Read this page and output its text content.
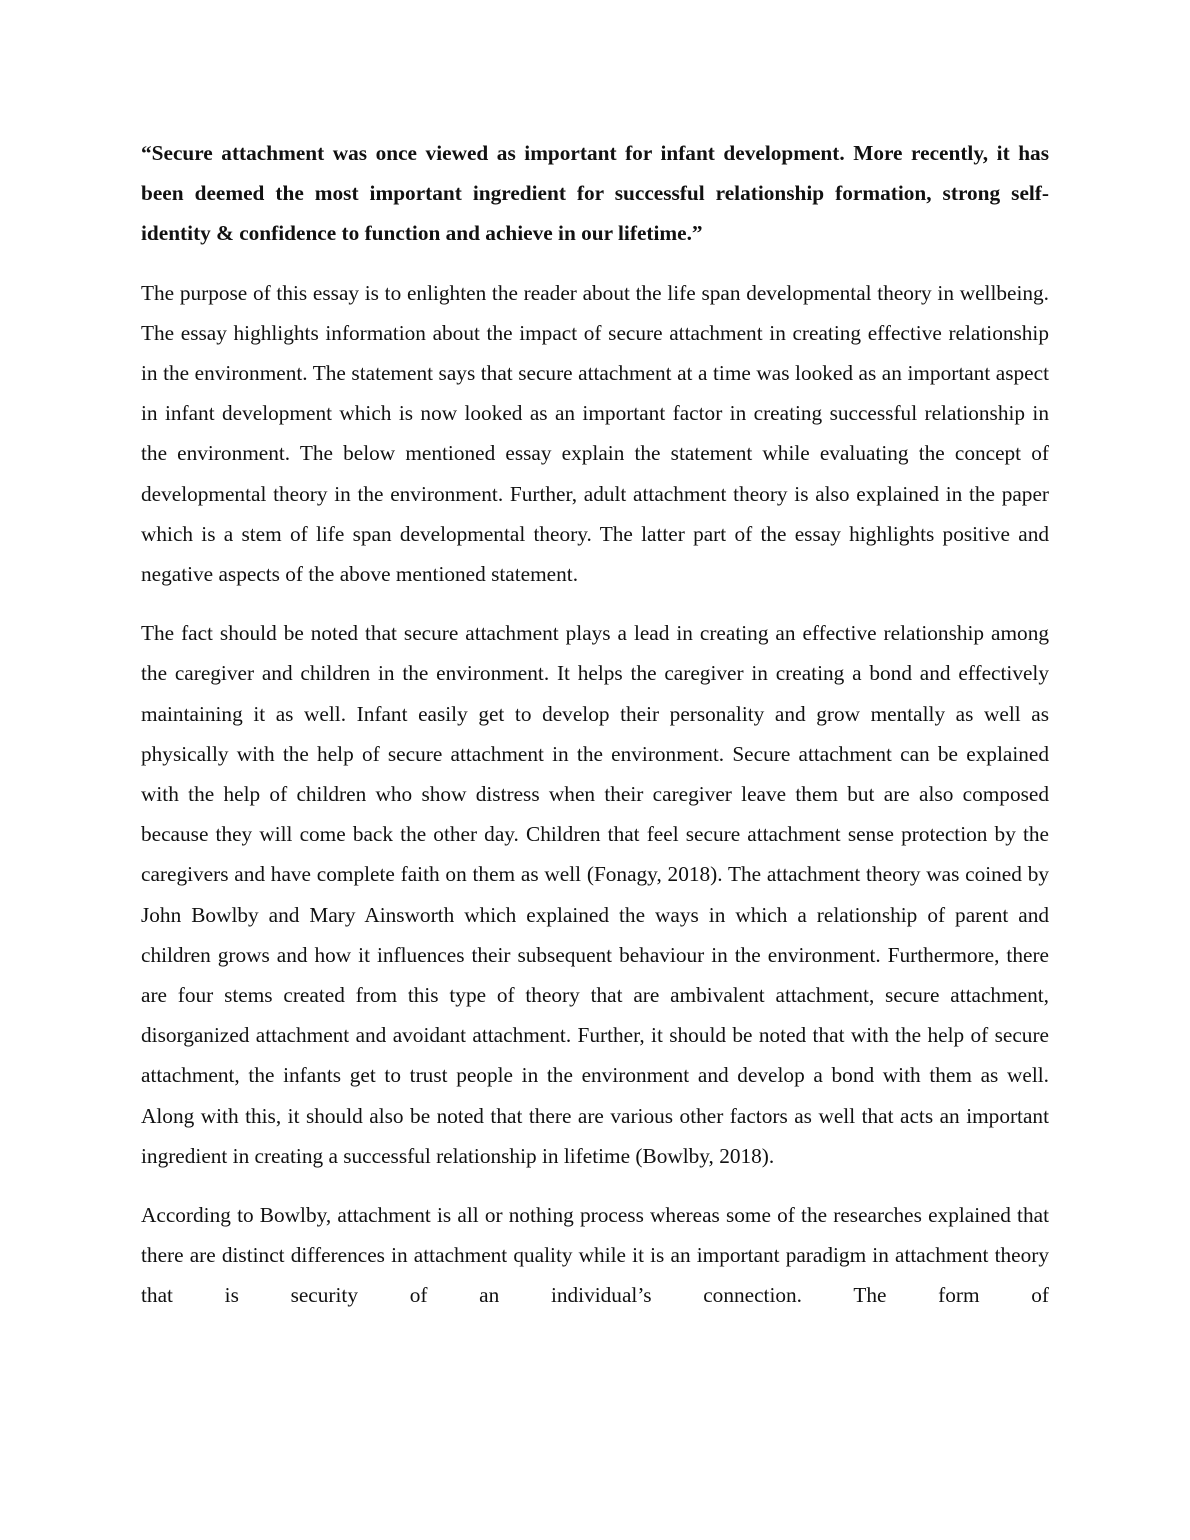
“Secure attachment was once viewed as important for infant development. More recently, it has been deemed the most important ingredient for successful relationship formation, strong self-identity & confidence to function and achieve in our lifetime.”

The purpose of this essay is to enlighten the reader about the life span developmental theory in wellbeing. The essay highlights information about the impact of secure attachment in creating effective relationship in the environment. The statement says that secure attachment at a time was looked as an important aspect in infant development which is now looked as an important factor in creating successful relationship in the environment. The below mentioned essay explain the statement while evaluating the concept of developmental theory in the environment. Further, adult attachment theory is also explained in the paper which is a stem of life span developmental theory. The latter part of the essay highlights positive and negative aspects of the above mentioned statement.

The fact should be noted that secure attachment plays a lead in creating an effective relationship among the caregiver and children in the environment. It helps the caregiver in creating a bond and effectively maintaining it as well. Infant easily get to develop their personality and grow mentally as well as physically with the help of secure attachment in the environment. Secure attachment can be explained with the help of children who show distress when their caregiver leave them but are also composed because they will come back the other day. Children that feel secure attachment sense protection by the caregivers and have complete faith on them as well (Fonagy, 2018). The attachment theory was coined by John Bowlby and Mary Ainsworth which explained the ways in which a relationship of parent and children grows and how it influences their subsequent behaviour in the environment. Furthermore, there are four stems created from this type of theory that are ambivalent attachment, secure attachment, disorganized attachment and avoidant attachment. Further, it should be noted that with the help of secure attachment, the infants get to trust people in the environment and develop a bond with them as well. Along with this, it should also be noted that there are various other factors as well that acts an important ingredient in creating a successful relationship in lifetime (Bowlby, 2018).

According to Bowlby, attachment is all or nothing process whereas some of the researches explained that there are distinct differences in attachment quality while it is an important paradigm in attachment theory that is security of an individual’s connection. The form of
